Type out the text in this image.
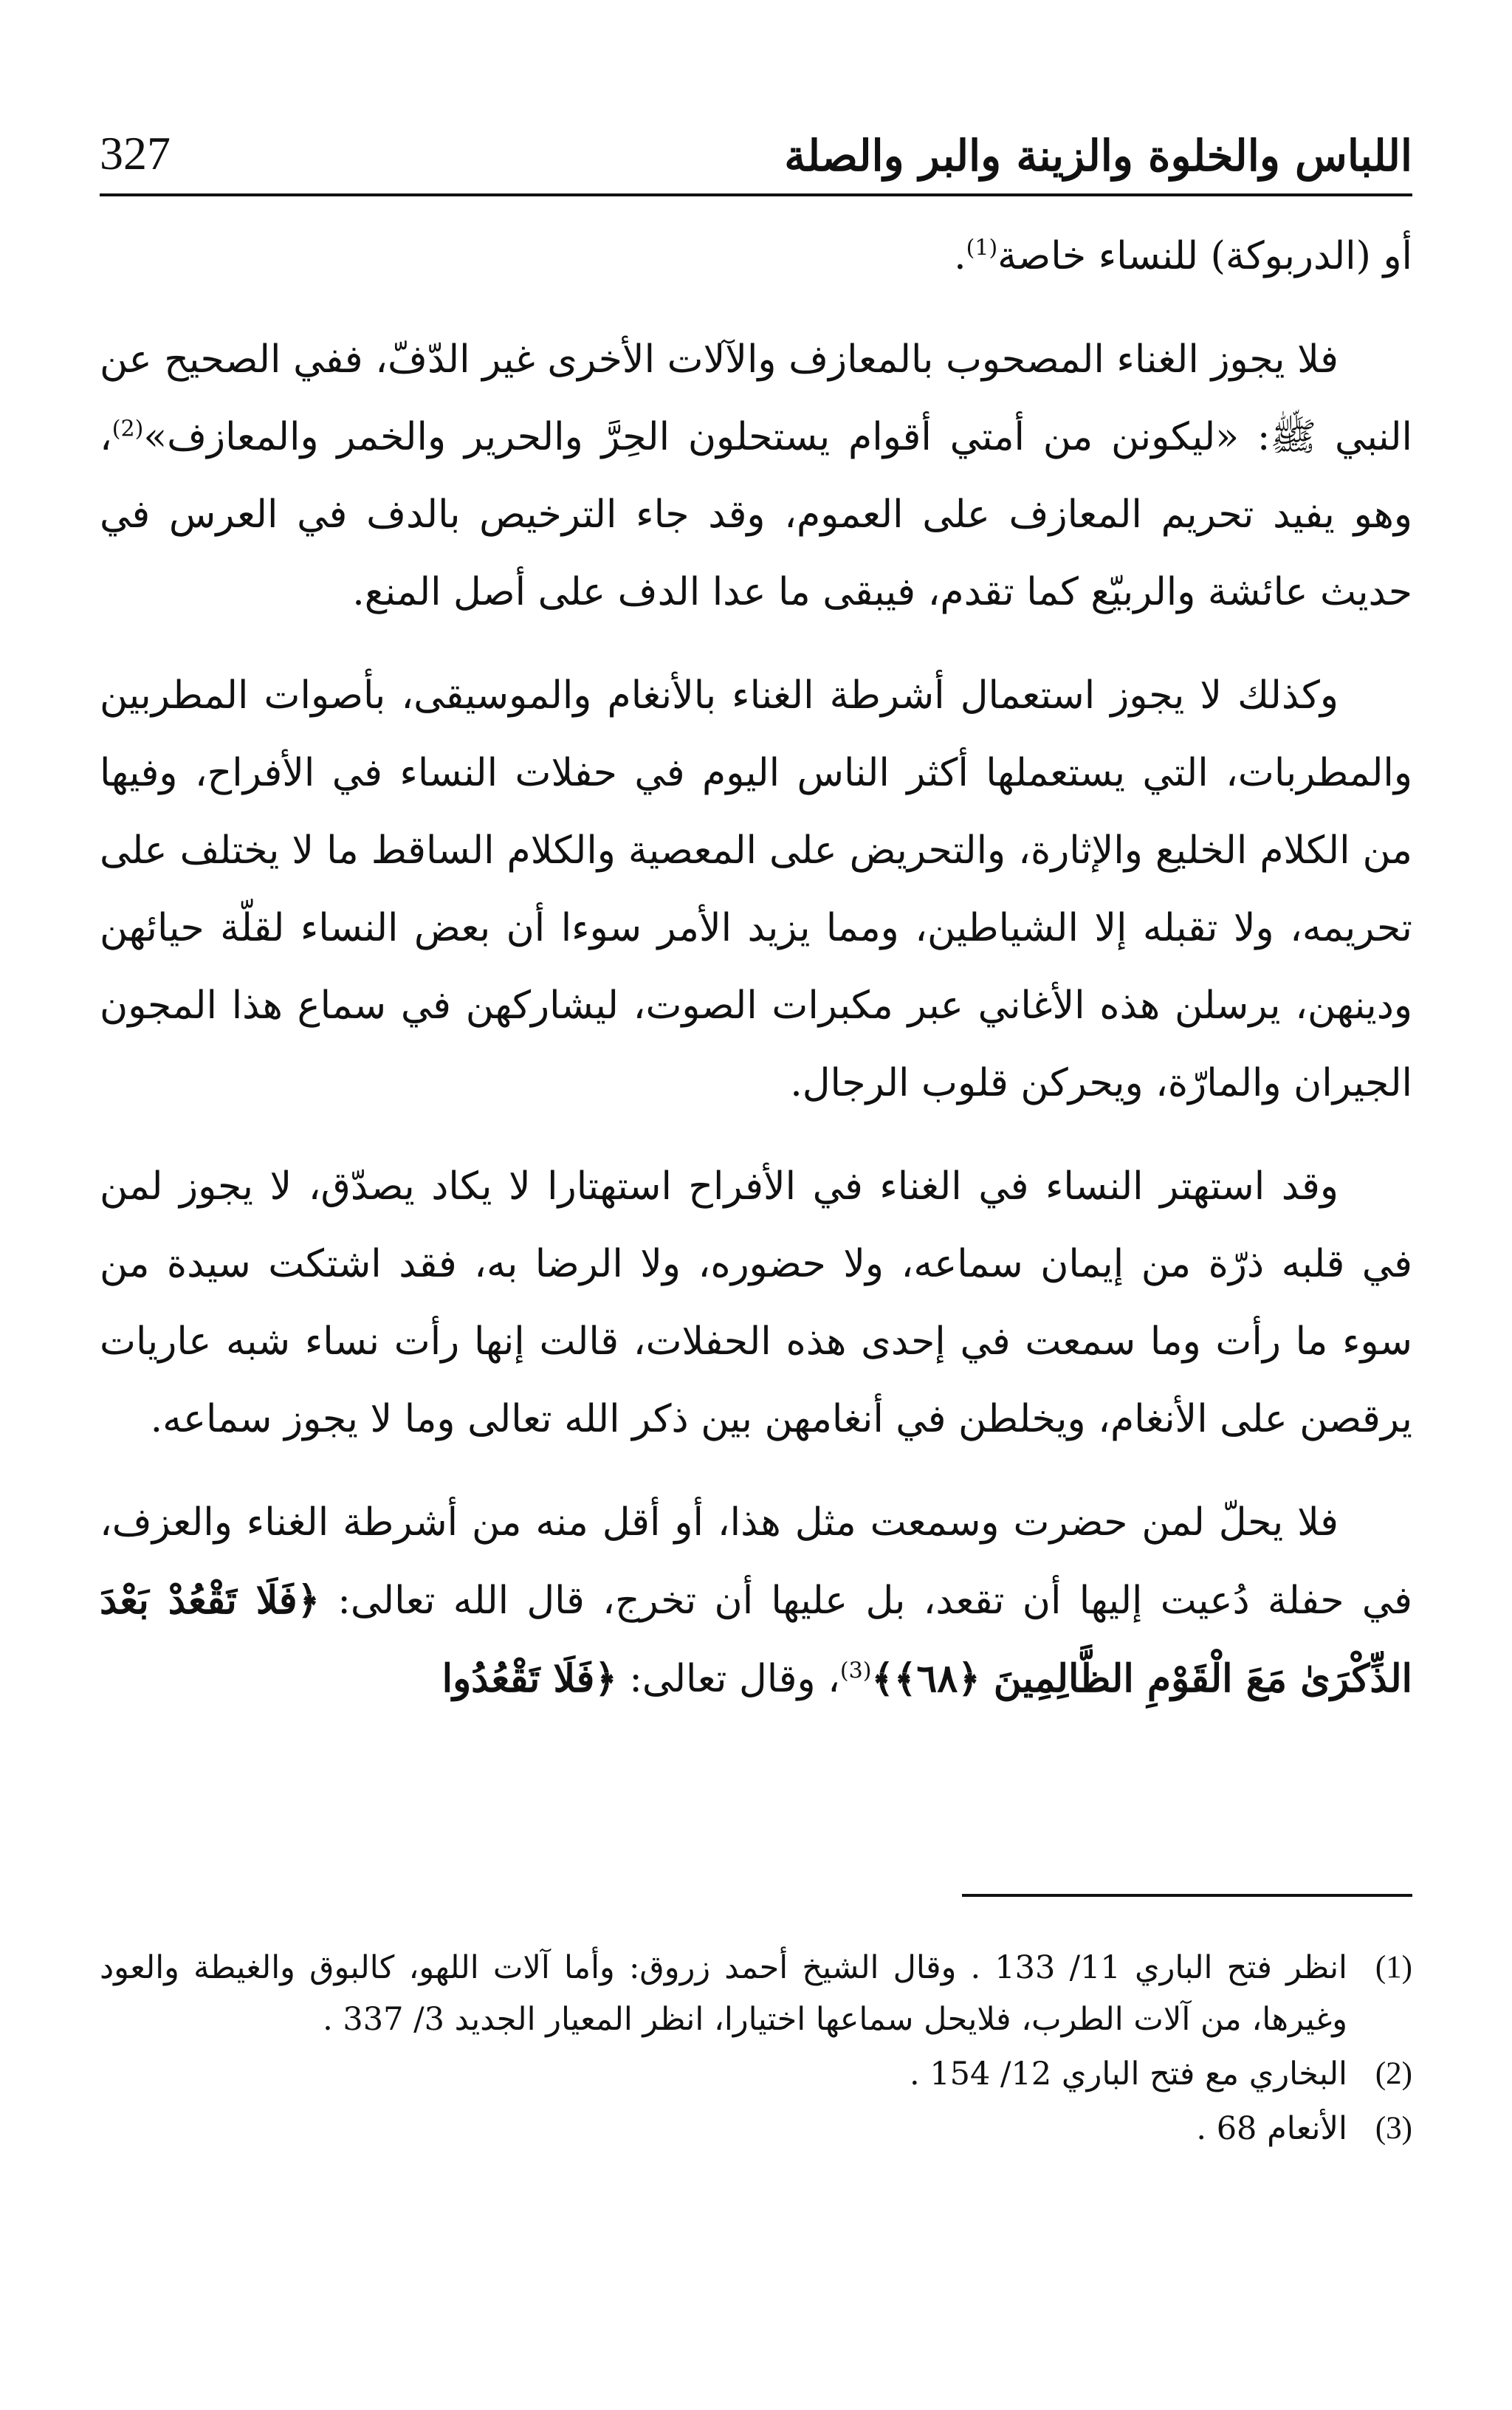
اللباس والخلوة والزينة والبر والصلة
327

أو (الدربوكة) للنساء خاصة$^{(1)}$.

فلا يجوز الغناء المصحوب بالمعازف والآلات الأخرى غير الدّفّ، ففي الصحيح عن النبي ﷺ: «ليكونن من أمتي أقوام يستحلون الحِرَّ والحرير والخمر والمعازف»$^{(2)}$، وهو يفيد تحريم المعازف على العموم، وقد جاء الترخيص بالدف في العرس في حديث عائشة والربيّع كما تقدم، فيبقى ما عدا الدف على أصل المنع.

وكذلك لا يجوز استعمال أشرطة الغناء بالأنغام والموسيقى، بأصوات المطربين والمطربات، التي يستعملها أكثر الناس اليوم في حفلات النساء في الأفراح، وفيها من الكلام الخليع والإثارة، والتحريض على المعصية والكلام الساقط ما لا يختلف على تحريمه، ولا تقبله إلا الشياطين، ومما يزيد الأمر سوءا أن بعض النساء لقلّة حيائهن ودينهن، يرسلن هذه الأغاني عبر مكبرات الصوت، ليشاركهن في سماع هذا المجون الجيران والمارّة، ويحركن قلوب الرجال.

وقد استهتر النساء في الغناء في الأفراح استهتارا لا يكاد يصدّق، لا يجوز لمن في قلبه ذرّة من إيمان سماعه، ولا حضوره، ولا الرضا به، فقد اشتكت سيدة من سوء ما رأت وما سمعت في إحدى هذه الحفلات، قالت إنها رأت نساء شبه عاريات يرقصن على الأنغام، ويخلطن في أنغامهن بين ذكر الله تعالى وما لا يجوز سماعه.

فلا يحلّ لمن حضرت وسمعت مثل هذا، أو أقل منه من أشرطة الغناء والعزف، في حفلة دُعيت إليها أن تقعد، بل عليها أن تخرج، قال الله تعالى: ﴿فَلَا تَقْعُدْ بَعْدَ الذِّكْرَىٰ مَعَ الْقَوْمِ الظَّالِمِينَ ﴿٦٨﴾﴾$^{(3)}$، وقال تعالى: ﴿فَلَا تَقْعُدُوا

(1)
انظر فتح الباري 11/ 133 . وقال الشيخ أحمد زروق: وأما آلات اللهو، كالبوق والغيطة والعود وغيرها، من آلات الطرب، فلايحل سماعها اختيارا، انظر المعيار الجديد 3/ 337 .
(2)
البخاري مع فتح الباري 12/ 154 .
(3)
الأنعام 68 .
